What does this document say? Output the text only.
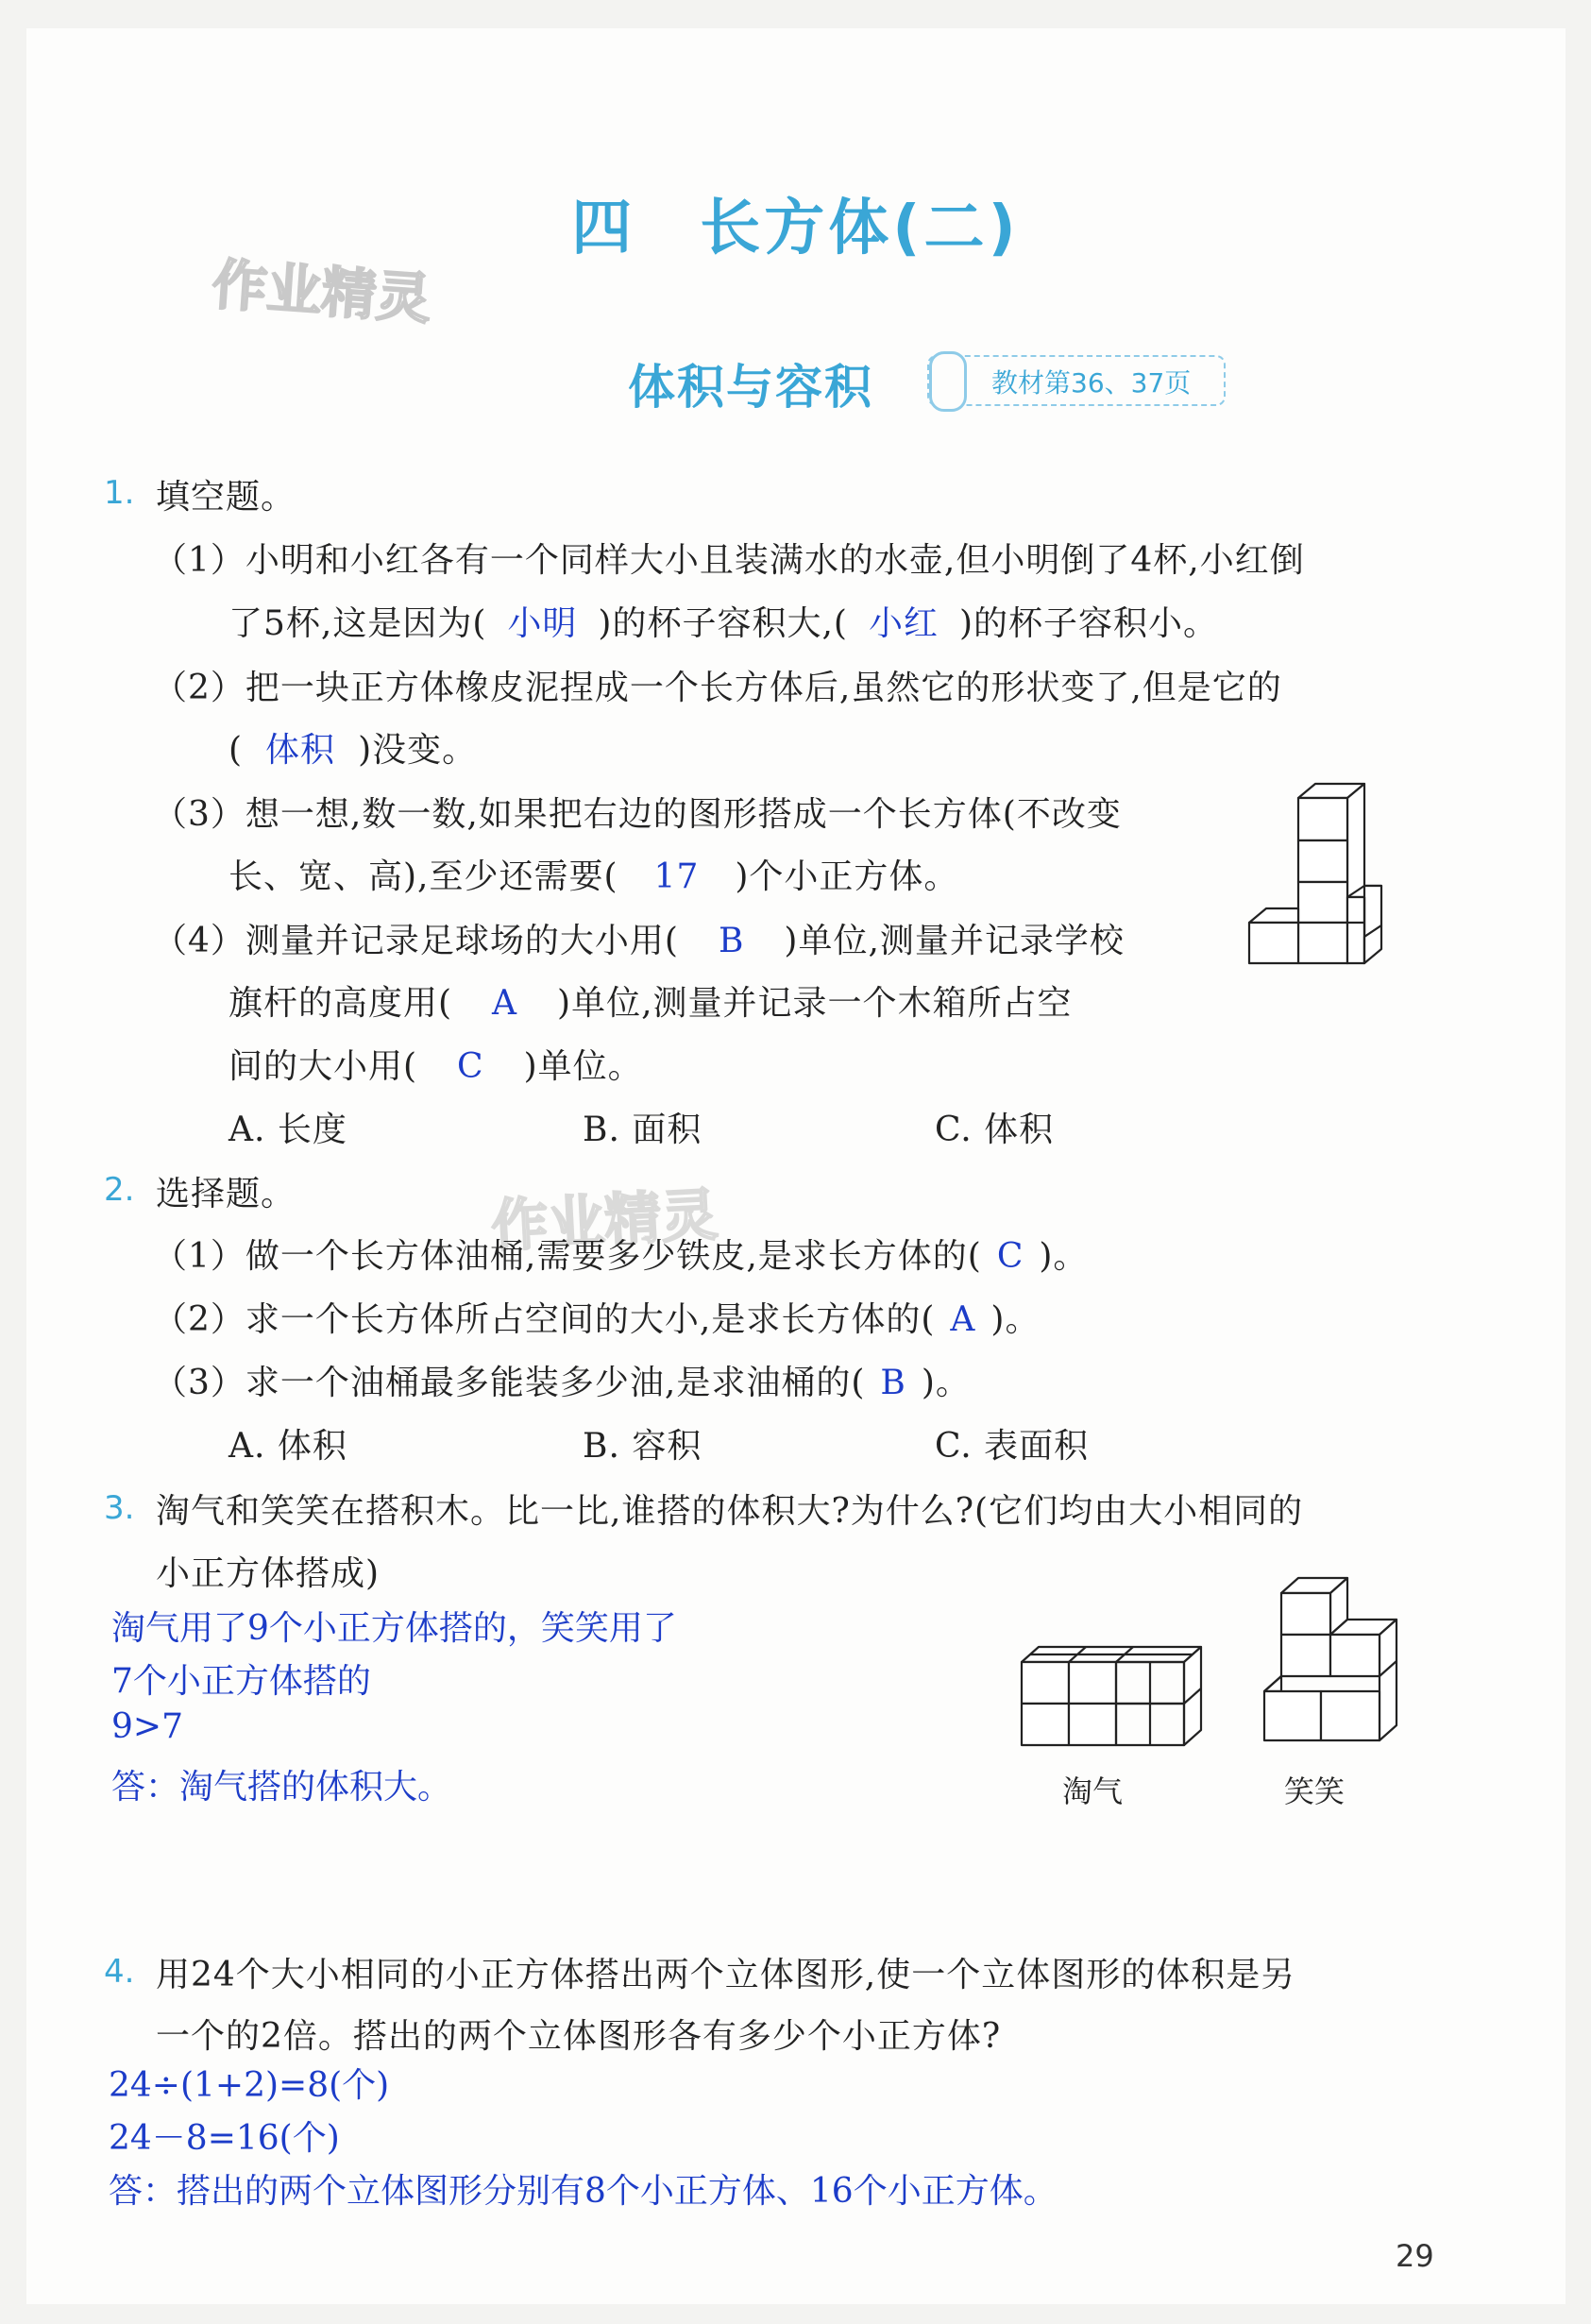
四　长方体(二)
作业精灵
作业精灵
体积与容积	教材第36、37页
1. 填空题。
（1）小明和小红各有一个同样大小且装满水的水壶,但小明倒了4杯,小红倒
了5杯,这是因为( 小明 )的杯子容积大,( 小红 )的杯子容积小。
（2）把一块正方体橡皮泥捏成一个长方体后,虽然它的形状变了,但是它的
( 体积 )没变。
（3）想一想,数一数,如果把右边的图形搭成一个长方体(不改变
长、宽、高),至少还需要( 17 )个小正方体。
（4）测量并记录足球场的大小用( B )单位,测量并记录学校
旗杆的高度用( A )单位,测量并记录一个木箱所占空
间的大小用( C )单位。
A. 长度	B. 面积	C. 体积
2. 选择题。
（1）做一个长方体油桶,需要多少铁皮,是求长方体的( C )。
（2）求一个长方体所占空间的大小,是求长方体的( A )。
（3）求一个油桶最多能装多少油,是求油桶的( B )。
A. 体积	B. 容积	C. 表面积
3. 淘气和笑笑在搭积木。比一比,谁搭的体积大?为什么?(它们均由大小相同的
小正方体搭成)
淘气用了9个小正方体搭的，笑笑用了
7个小正方体搭的
9>7
答：淘气搭的体积大。	淘气	笑笑
4. 用24个大小相同的小正方体搭出两个立体图形,使一个立体图形的体积是另
一个的2倍。搭出的两个立体图形各有多少个小正方体?
24÷(1+2)=8(个)
24－8=16(个)
答：搭出的两个立体图形分别有8个小正方体、16个小正方体。
29
